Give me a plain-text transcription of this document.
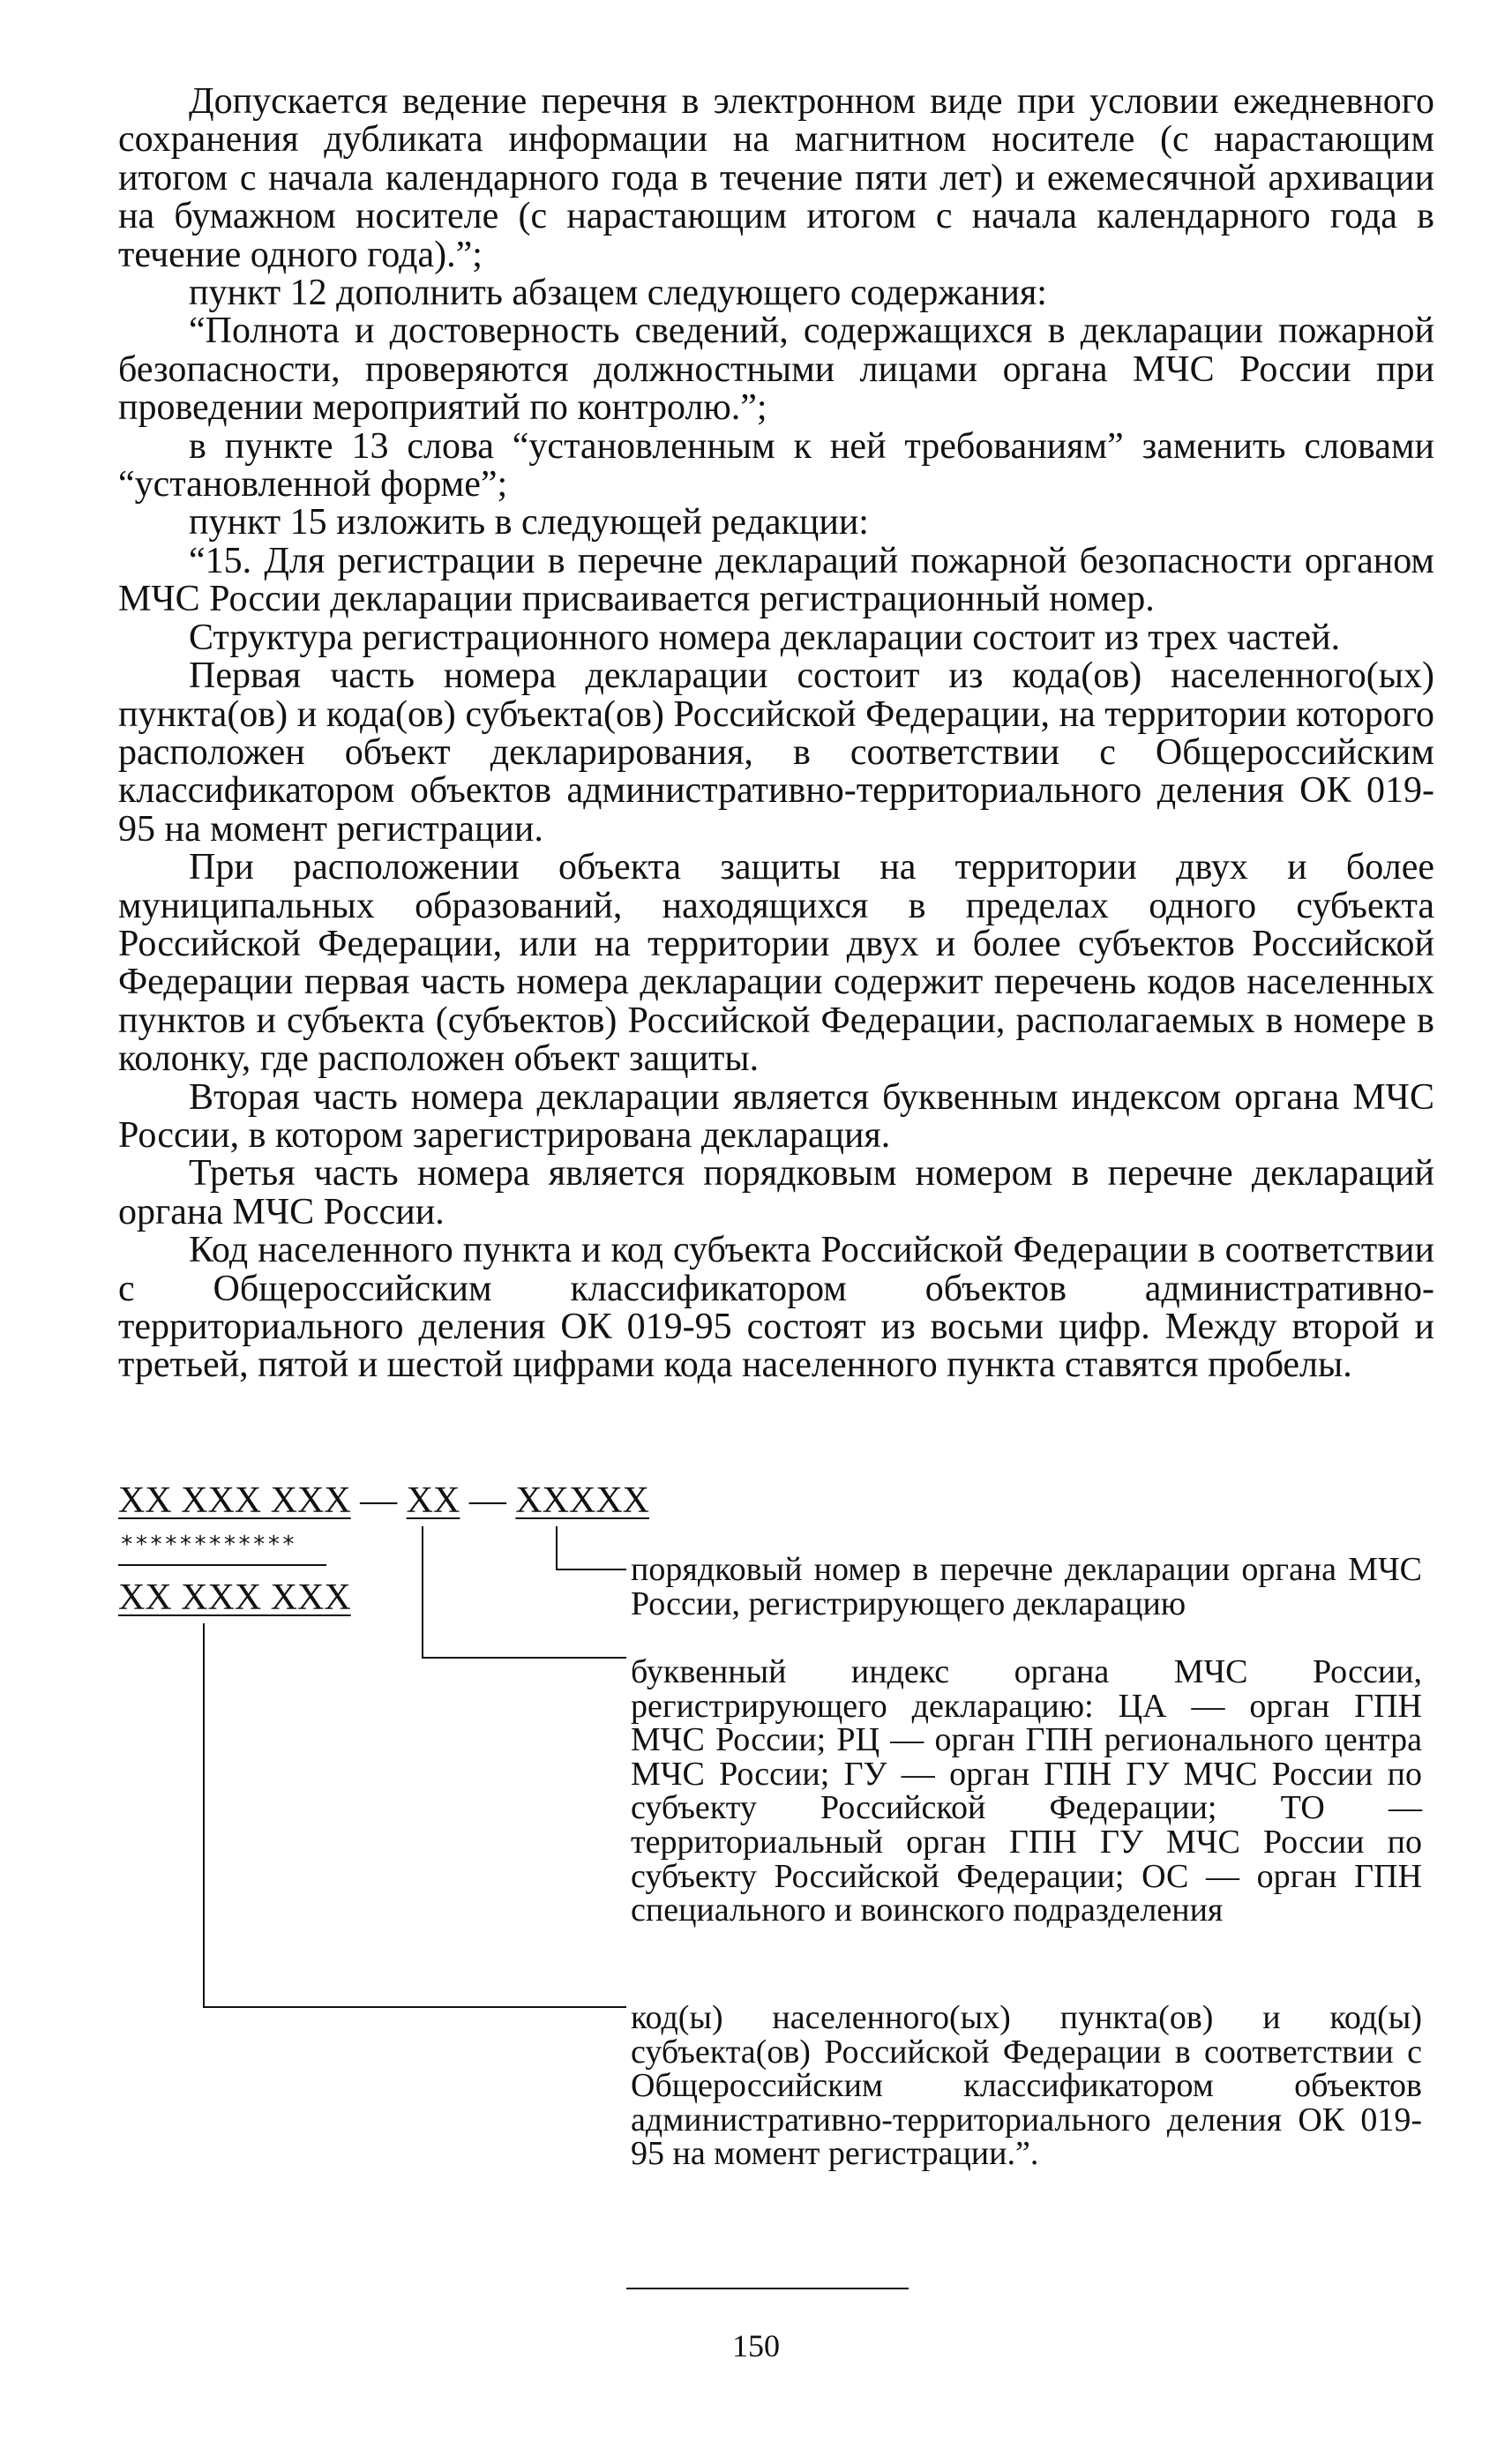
Допускается ведение перечня в электронном виде при условии ежедневного сохранения дубликата информации на магнитном носителе (с нарастающим итогом с начала календарного года в течение пяти лет) и ежемесячной архивации на бумажном носителе (с нарастающим итогом с начала календарного года в течение одного года).”;

пункт 12 дополнить абзацем следующего содержания:

“Полнота и достоверность сведений, содержащихся в декларации пожарной безопасности, проверяются должностными лицами органа МЧС России при проведении мероприятий по контролю.”;

в пункте 13 слова “установленным к ней требованиям” заменить словами “установленной форме”;

пункт 15 изложить в следующей редакции:

“15. Для регистрации в перечне деклараций пожарной безопасности органом МЧС России декларации присваивается регистрационный номер.

Структура регистрационного номера декларации состоит из трех частей.

Первая часть номера декларации состоит из кода(ов) населенного(ых) пункта(ов) и кода(ов) субъекта(ов) Российской Федерации, на территории которого расположен объект декларирования, в соответствии с Общероссийским классификатором объектов административно-территориального деления ОК 019-95 на момент регистрации.

При расположении объекта защиты на территории двух и более муниципальных образований, находящихся в пределах одного субъекта Российской Федерации, или на территории двух и более субъектов Российской Федерации первая часть номера декларации содержит перечень кодов населенных пунктов и субъекта (субъектов) Российской Федерации, располагаемых в номере в колонку, где расположен объект защиты.

Вторая часть номера декларации является буквенным индексом органа МЧС России, в котором зарегистрирована декларация.

Третья часть номера является порядковым номером в перечне деклараций органа МЧС России.

Код населенного пункта и код субъекта Российской Федерации в соответствии с Общероссийским классификатором объектов административно-территориального деления ОК 019-95 состоят из восьми цифр. Между второй и третьей, пятой и шестой цифрами кода населенного пункта ставятся пробелы.

XX XXX XXX — XX — XXXXX
************
XX XXX XXX
порядковый номер в перечне декларации органа МЧС России, регистрирующего декларацию
буквенный индекс органа МЧС России, регистрирующего декларацию: ЦА — орган ГПН МЧС России; РЦ — орган ГПН регионального центра МЧС России; ГУ — орган ГПН ГУ МЧС России по субъекту Российской Федерации; ТО — территориальный орган ГПН ГУ МЧС России по субъекту Российской Федерации; ОС — орган ГПН специального и воинского подразделения
код(ы) населенного(ых) пункта(ов) и код(ы) субъекта(ов) Российской Федерации в соответствии с Общероссийским классификатором объектов административно-территориального деления ОК 019-95 на момент регистрации.”.
150
